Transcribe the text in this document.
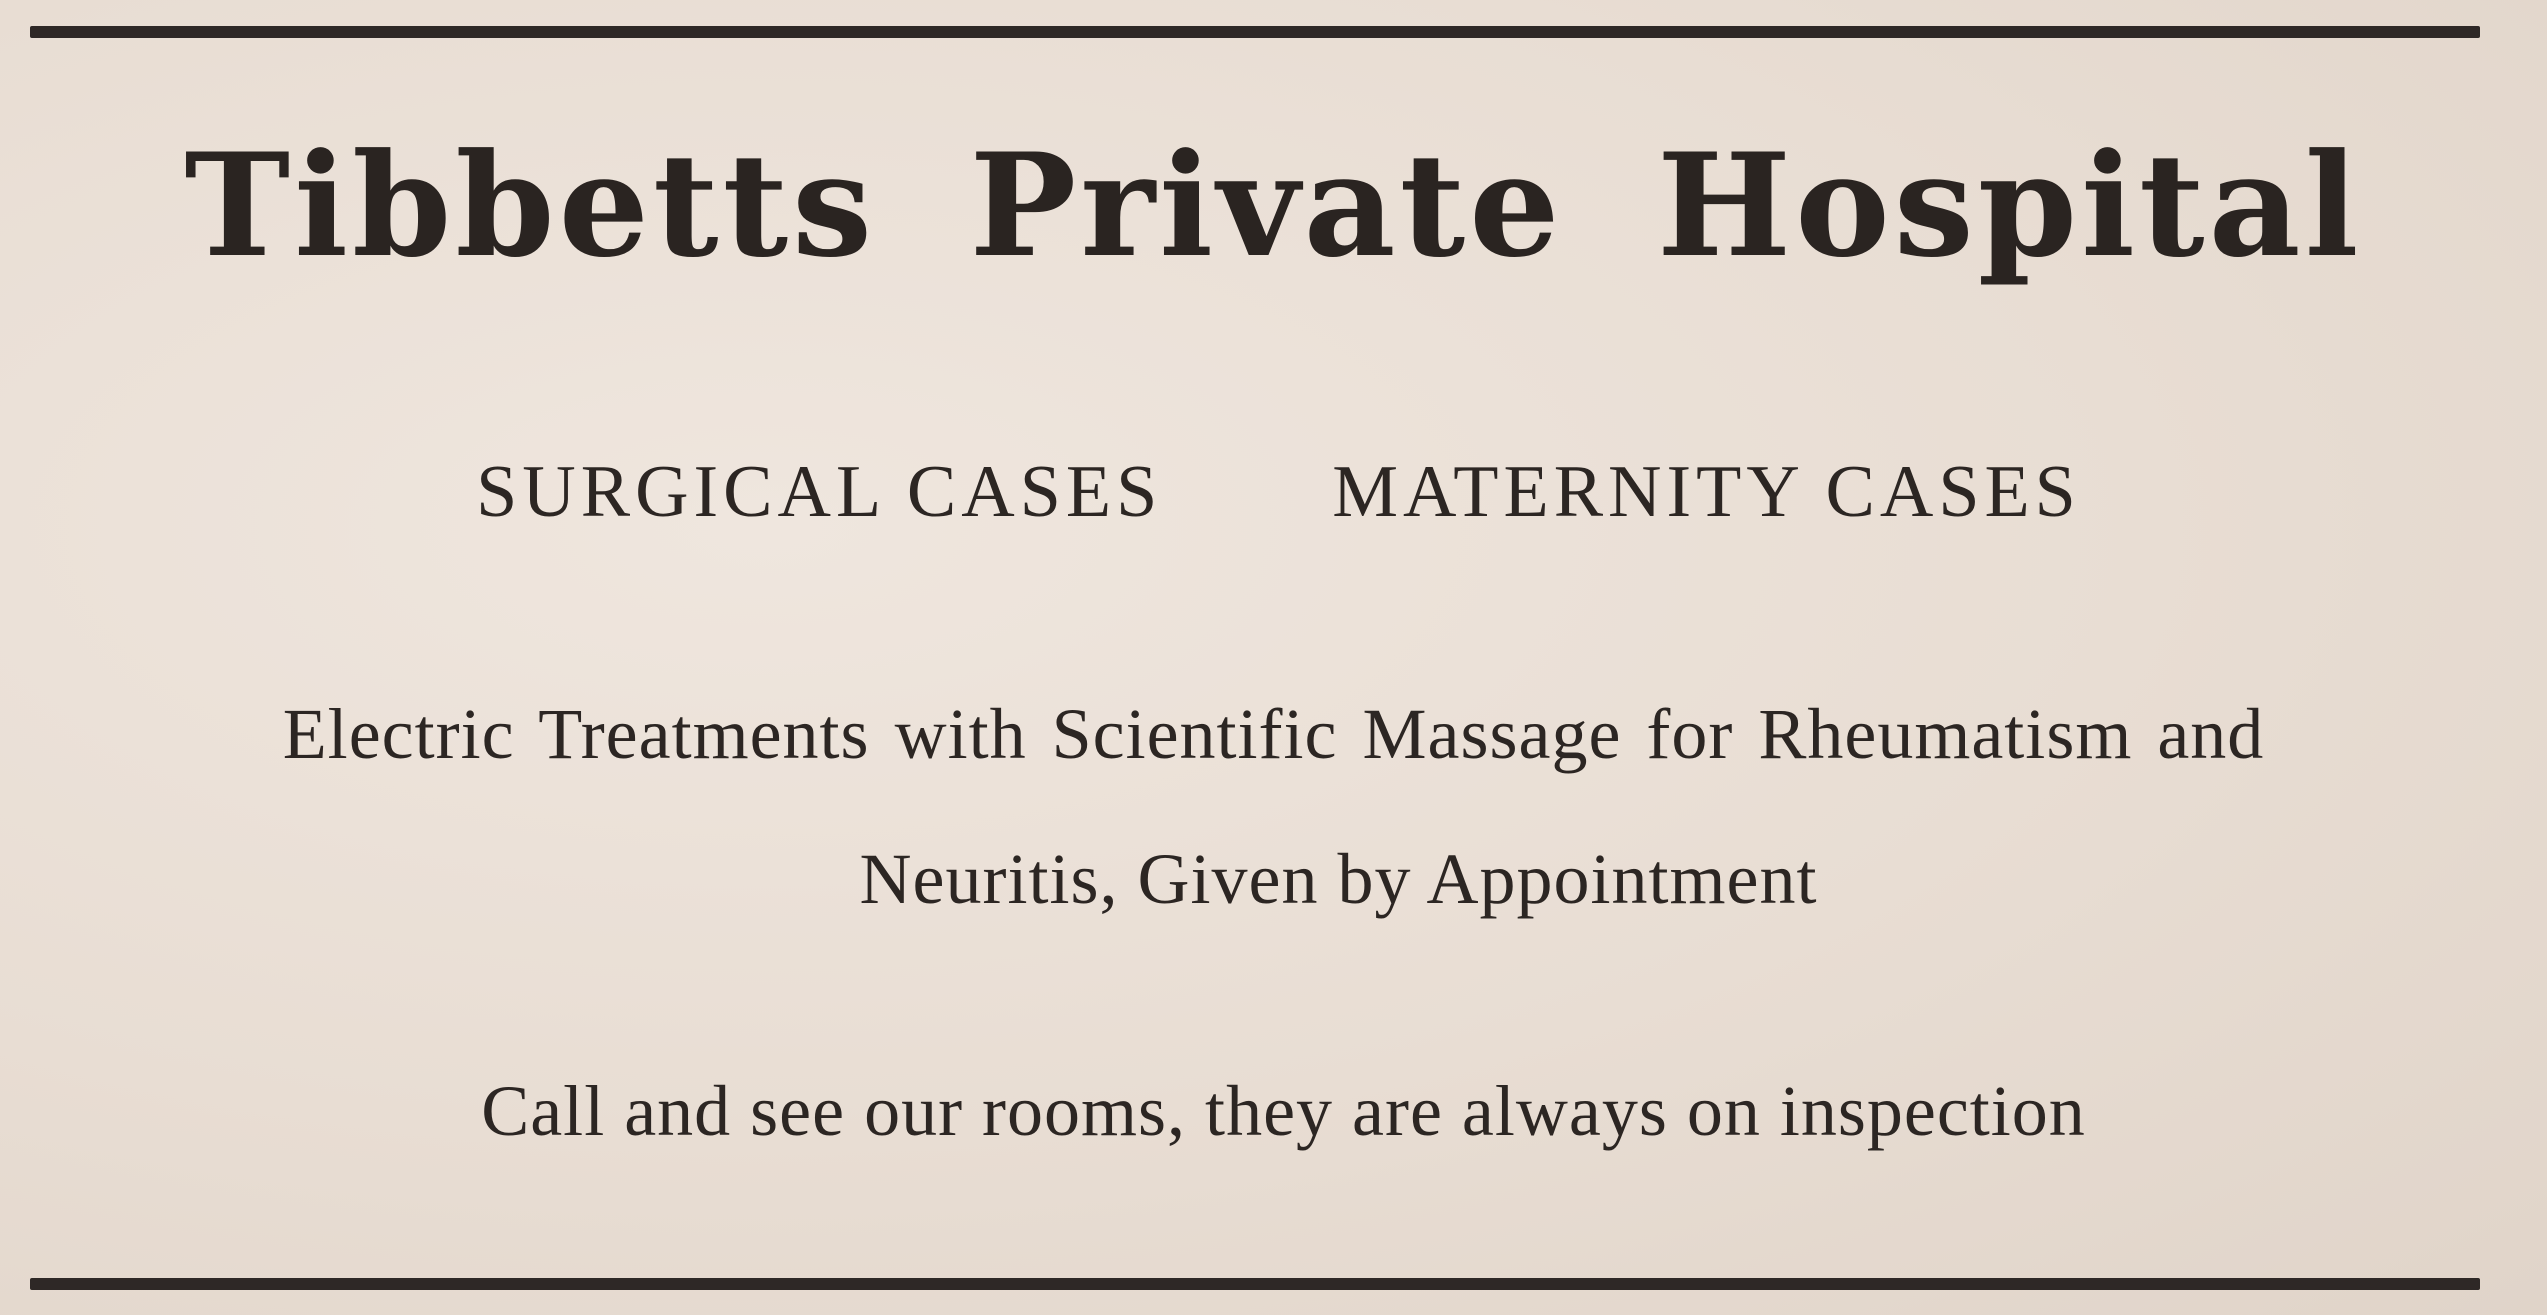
Tibbetts Private Hospital
SURGICAL CASES MATERNITY CASES
Electric Treatments with Scientific Massage for Rheumatism and
Neuritis, Given by Appointment
Call and see our rooms, they are always on inspection
